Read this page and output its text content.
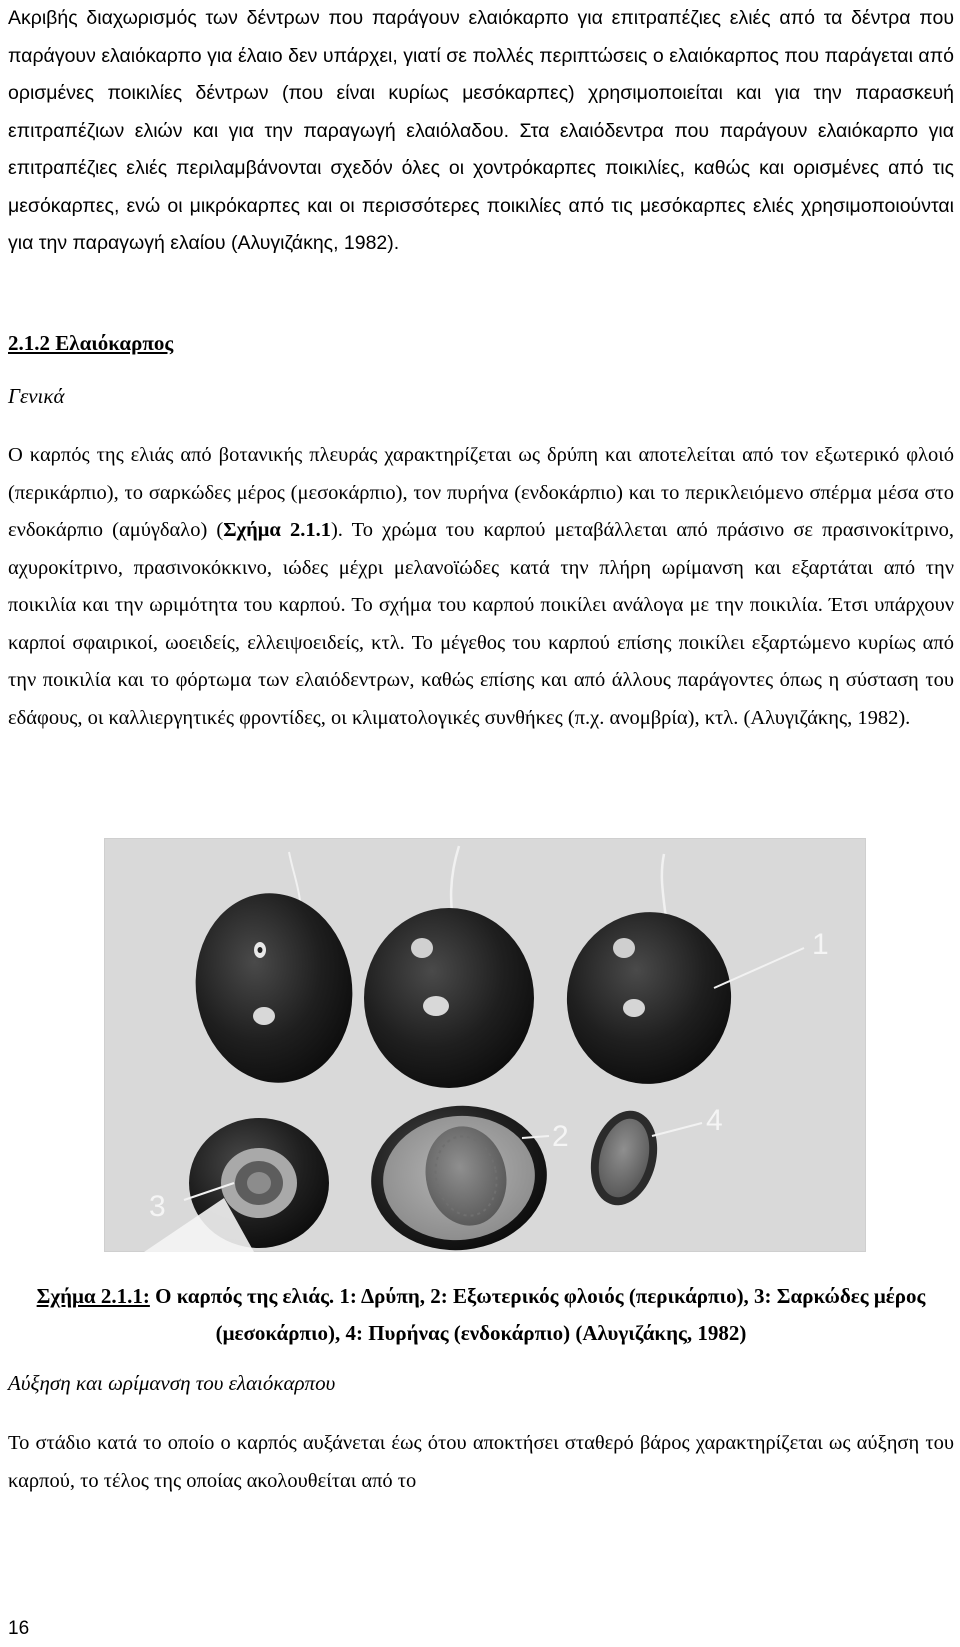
Ακριβής διαχωρισμός των δέντρων που παράγουν ελαιόκαρπο για επιτραπέζιες ελιές από τα δέντρα που παράγουν ελαιόκαρπο για έλαιο δεν υπάρχει, γιατί σε πολλές περιπτώσεις ο ελαιόκαρπος που παράγεται από ορισμένες ποικιλίες δέντρων (που είναι κυρίως μεσόκαρπες) χρησιμοποιείται και για την παρασκευή επιτραπέζιων ελιών και για την παραγωγή ελαιόλαδου. Στα ελαιόδεντρα που παράγουν ελαιόκαρπο για επιτραπέζιες ελιές περιλαμβάνονται σχεδόν όλες οι χοντρόκαρπες ποικιλίες, καθώς και ορισμένες από τις μεσόκαρπες, ενώ οι μικρόκαρπες και οι περισσότερες ποικιλίες από τις μεσόκαρπες ελιές χρησιμοποιούνται για την παραγωγή ελαίου (Αλυγιζάκης, 1982).

2.1.2 Ελαιόκαρπος
Γενικά

Ο καρπός της ελιάς από βοτανικής πλευράς χαρακτηρίζεται ως δρύπη και αποτελείται από τον εξωτερικό φλοιό (περικάρπιο), το σαρκώδες μέρος (μεσοκάρπιο), τον πυρήνα (ενδοκάρπιο) και το περικλειόμενο σπέρμα μέσα στο ενδοκάρπιο (αμύγδαλο) (Σχήμα 2.1.1). Το χρώμα του καρπού μεταβάλλεται από πράσινο σε πρασινοκίτρινο, αχυροκίτρινο, πρασινοκόκκινο, ιώδες μέχρι μελανοϊώδες κατά την πλήρη ωρίμανση και εξαρτάται από την ποικιλία και την ωριμότητα του καρπού. Το σχήμα του καρπού ποικίλει ανάλογα με την ποικιλία. Έτσι υπάρχουν καρποί σφαιρικοί, ωοειδείς, ελλειψοειδείς, κτλ. Το μέγεθος του καρπού επίσης ποικίλει εξαρτώμενο κυρίως από την ποικιλία και το φόρτωμα των ελαιόδεντρων, καθώς επίσης και από άλλους παράγοντες όπως η σύσταση του εδάφους, οι καλλιεργητικές φροντίδες, οι κλιματολογικές συνθήκες (π.χ. ανομβρία), κτλ. (Αλυγιζάκης, 1982).

1
3
2	4

Σχήμα 2.1.1: Ο καρπός της ελιάς. 1: Δρύπη, 2: Εξωτερικός φλοιός (περικάρπιο), 3: Σαρκώδες μέρος (μεσοκάρπιο), 4: Πυρήνας (ενδοκάρπιο) (Αλυγιζάκης, 1982)

Αύξηση και ωρίμανση του ελαιόκαρπου

Το στάδιο κατά το οποίο ο καρπός αυξάνεται έως ότου αποκτήσει σταθερό βάρος χαρακτηρίζεται ως αύξηση του καρπού, το τέλος της οποίας ακολουθείται από το

16
